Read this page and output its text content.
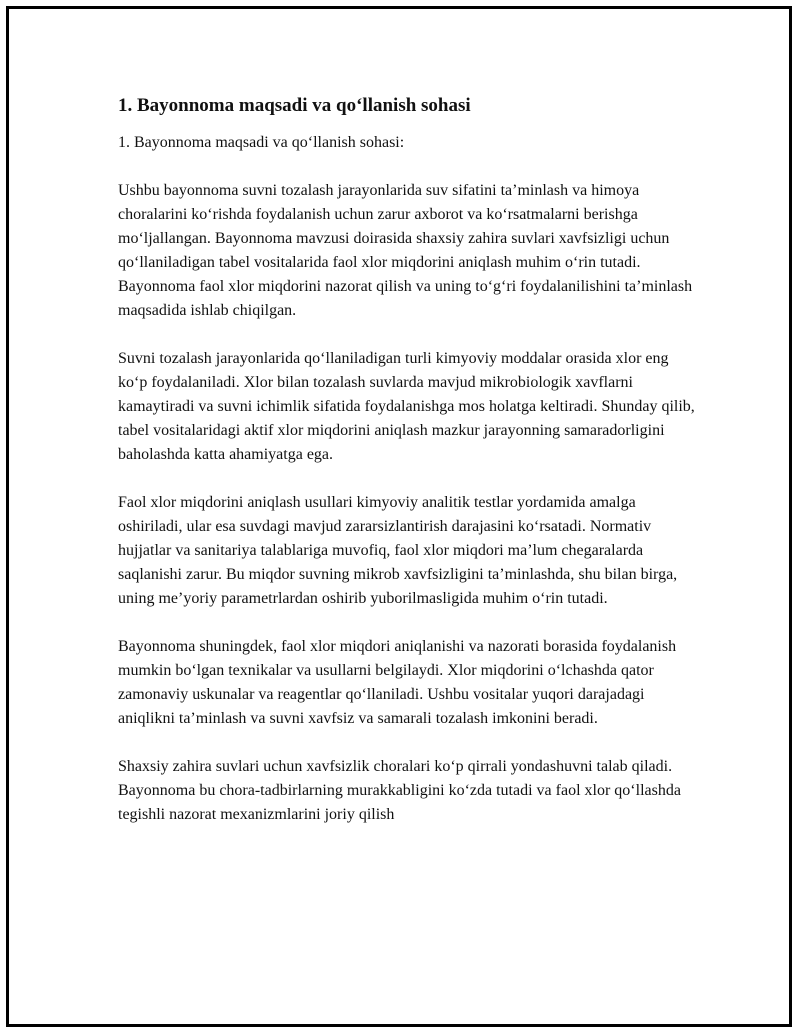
1. Bayonnoma maqsadi va qo‘llanish sohasi

1. Bayonnoma maqsadi va qo‘llanish sohasi:

Ushbu bayonnoma suvni tozalash jarayonlarida suv sifatini ta’minlash va himoya choralarini ko‘rishda foydalanish uchun zarur axborot va ko‘rsatmalarni berishga mo‘ljallangan. Bayonnoma mavzusi doirasida shaxsiy zahira suvlari xavfsizligi uchun qo‘llaniladigan tabel vositalarida faol xlor miqdorini aniqlash muhim o‘rin tutadi. Bayonnoma faol xlor miqdorini nazorat qilish va uning to‘g‘ri foydalanilishini ta’minlash maqsadida ishlab chiqilgan.

Suvni tozalash jarayonlarida qo‘llaniladigan turli kimyoviy moddalar orasida xlor eng ko‘p foydalaniladi. Xlor bilan tozalash suvlarda mavjud mikrobiologik xavflarni kamaytiradi va suvni ichimlik sifatida foydalanishga mos holatga keltiradi. Shunday qilib, tabel vositalaridagi aktif xlor miqdorini aniqlash mazkur jarayonning samaradorligini baholashda katta ahamiyatga ega.

Faol xlor miqdorini aniqlash usullari kimyoviy analitik testlar yordamida amalga oshiriladi, ular esa suvdagi mavjud zararsizlantirish darajasini ko‘rsatadi. Normativ hujjatlar va sanitariya talablariga muvofiq, faol xlor miqdori ma’lum chegaralarda saqlanishi zarur. Bu miqdor suvning mikrob xavfsizligini ta’minlashda, shu bilan birga, uning me’yoriy parametrlardan oshirib yuborilmasligida muhim o‘rin tutadi.

Bayonnoma shuningdek, faol xlor miqdori aniqlanishi va nazorati borasida foydalanish mumkin bo‘lgan texnikalar va usullarni belgilaydi. Xlor miqdorini o‘lchashda qator zamonaviy uskunalar va reagentlar qo‘llaniladi. Ushbu vositalar yuqori darajadagi aniqlikni ta’minlash va suvni xavfsiz va samarali tozalash imkonini beradi.

Shaxsiy zahira suvlari uchun xavfsizlik choralari ko‘p qirrali yondashuvni talab qiladi. Bayonnoma bu chora-tadbirlarning murakkabligini ko‘zda tutadi va faol xlor qo‘llashda tegishli nazorat mexanizmlarini joriy qilish
